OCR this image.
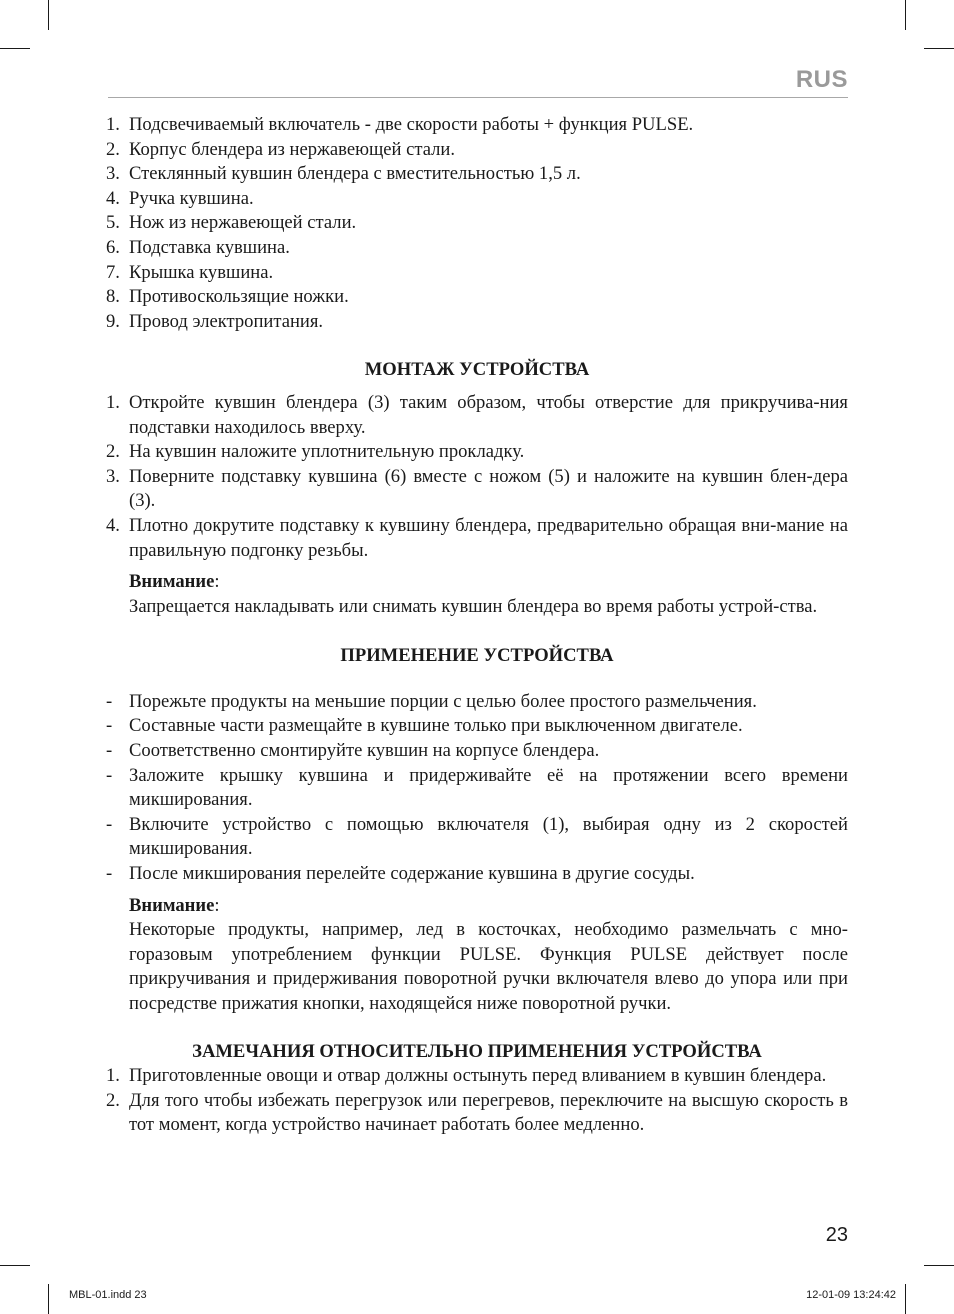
RUS
1. Подсвечиваемый включатель - две скорости работы + функция PULSE.
2. Корпус блендера из нержавеющей стали.
3. Стеклянный кувшин блендера с вместительностью 1,5 л.
4. Ручка кувшина.
5. Нож из нержавеющей стали.
6. Подставка кувшина.
7. Крышка кувшина.
8. Противоскользящие ножки.
9. Провод электропитания.
МОНТАЖ УСТРОЙСТВА
1. Откройте кувшин блендера (3) таким образом, чтобы отверстие для прикручива-ния подставки находилось вверху.
2. На кувшин наложите уплотнительную прокладку.
3. Поверните подставку кувшина (6) вместе с ножом (5) и наложите на кувшин блен-дера (3).
4. Плотно докрутите подставку к кувшину блендера, предварительно обращая вни-мание на правильную подгонку резьбы.
Внимание:
Запрещается накладывать или снимать кувшин блендера во время работы устрой-ства.
ПРИМЕНЕНИЕ УСТРОЙСТВА
- Порежьте продукты на меньшие порции с целью более простого размельчения.
- Составные части размещайте в кувшине только при выключенном двигателе.
- Соответственно смонтируйте кувшин на корпусе блендера.
- Заложите крышку кувшина и придерживайте её на протяжении всего времени микширования.
- Включите устройство с помощью включателя (1), выбирая одну из 2 скоростей микширования.
- После микширования перелейте содержание кувшина в другие сосуды.
Внимание:
Некоторые продукты, например, лед в косточках, необходимо размельчать с мно-горазовым употреблением функции PULSE. Функция PULSE действует после прикручивания и придерживания поворотной ручки включателя влево до упора или при посредстве прижатия кнопки, находящейся ниже поворотной ручки.
ЗАМЕЧАНИЯ ОТНОСИТЕЛЬНО ПРИМЕНЕНИЯ УСТРОЙСТВА
1. Приготовленные овощи и отвар должны остынуть перед вливанием в кувшин блендера.
2. Для того чтобы избежать перегрузок или перегревов, переключите на высшую скорость в тот момент, когда устройство начинает работать более медленно.
23
MBL-01.indd 23	12-01-09 13:24:42
